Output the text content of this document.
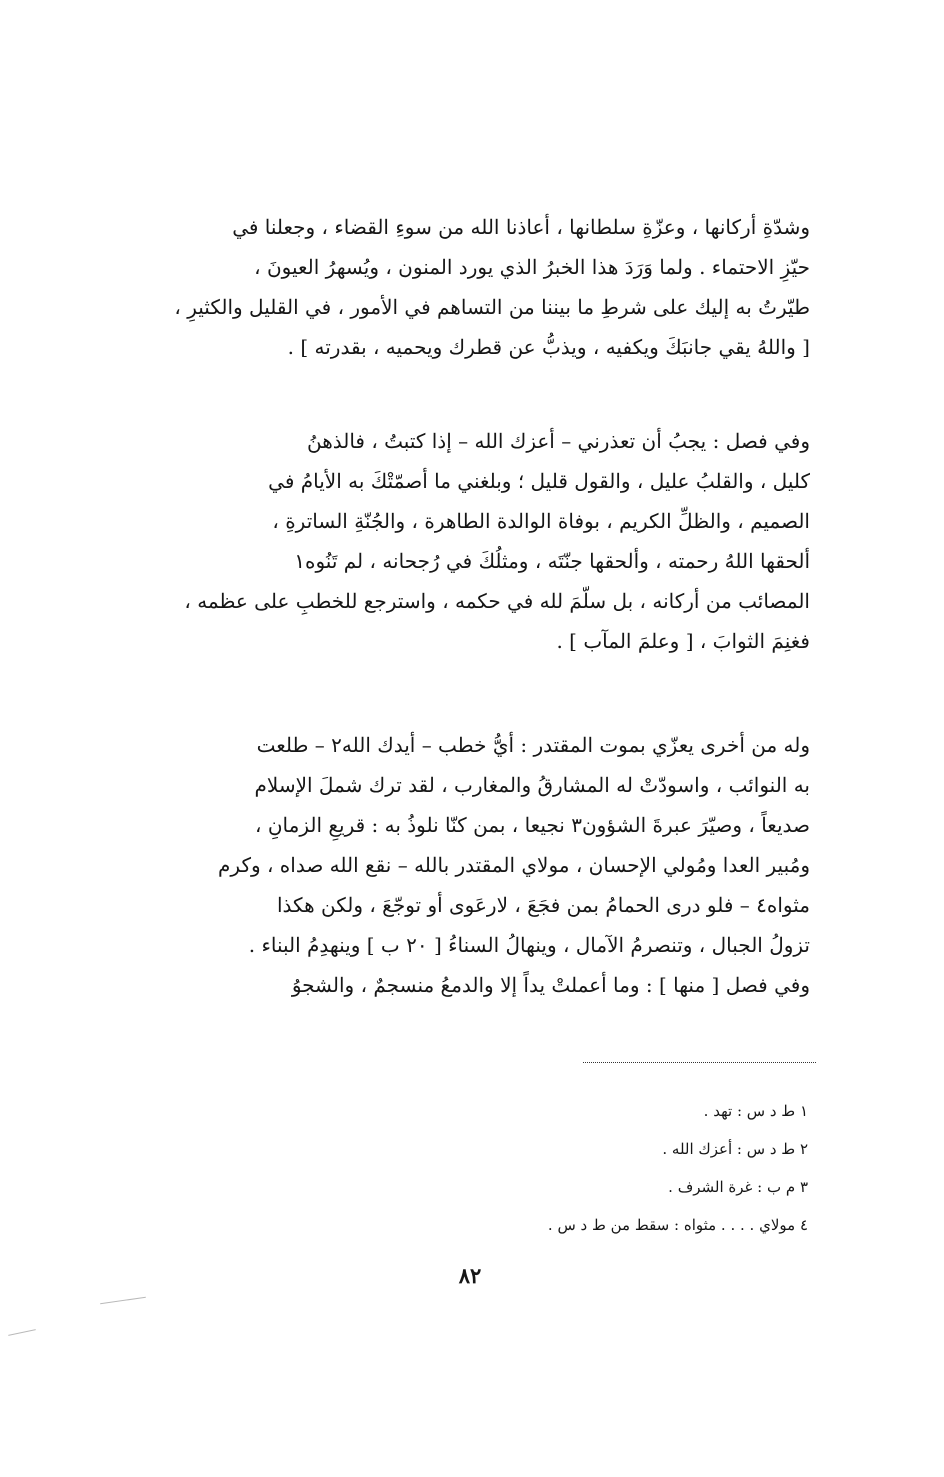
وشدّةِ أركانها ، وعزّةِ سلطانها ، أعاذنا الله من سوءِ القضاء ، وجعلنا في
حيّزِ الاحتماء . ولما وَرَدَ هذا الخبرُ الذي يورد المنون ، ويُسهرُ العيونَ ،
طيّرتُ به إليك على شرطِ ما بيننا من التساهم في الأمور ، في القليل والكثيرِ ،
[ واللهُ يقي جانبَكَ ويكفيه ، ويذبُّ عن قطرك ويحميه ، بقدرته ] .
وفي فصل : يجبُ أن تعذرني – أعزك الله – إذا كتبتُ ، فالذهنُ
كليل ، والقلبُ عليل ، والقول قليل ؛ وبلغني ما أصمّتْكَ به الأيامُ في
الصميم ، والظلِّ الكريم ، بوفاة الوالدة الطاهرة ، والجُنّةِ الساترةِ ،
ألحقها اللهُ رحمته ، وألحقها جنّتَه ، ومثلُكَ في رُجحانه ، لم تَنُوه١
المصائب من أركانه ، بل سلّمَ لله في حكمه ، واسترجع للخطبِ على عظمه ،
فغنِمَ الثوابَ ، [ وعلمَ المآب ] .
وله من أخرى يعزّي بموت المقتدر : أيُّ خطب – أيدك الله٢ – طلعت
به النوائب ، واسودّتْ له المشارقُ والمغارب ، لقد ترك شملَ الإسلام
صديعاً ، وصيّرَ عبرةَ الشؤون٣ نجيعا ، بمن كنّا نلوذُ به : قريعِ الزمانِ ،
ومُبير العدا ومُولي الإحسان ، مولاي المقتدر بالله – نقع الله صداه ، وكرم
مثواه٤ – فلو درى الحمامُ بمن فجَعَ ، لارعَوى أو توجّعَ ، ولكن هكذا
تزولُ الجبال ، وتنصرمُ الآمال ، وينهالُ السناءُ [ ٢٠ ب ] وينهدِمُ البناء .
وفي فصل [ منها ] : وما أعملتْ يداً إلا والدمعُ منسجمٌ ، والشجوُ
١ ط د س : تهد .
٢ ط د س : أعزك الله .
٣ م ب : غرة الشرف .
٤ مولاي . . . . مثواه : سقط من ط د س .
٨٢
